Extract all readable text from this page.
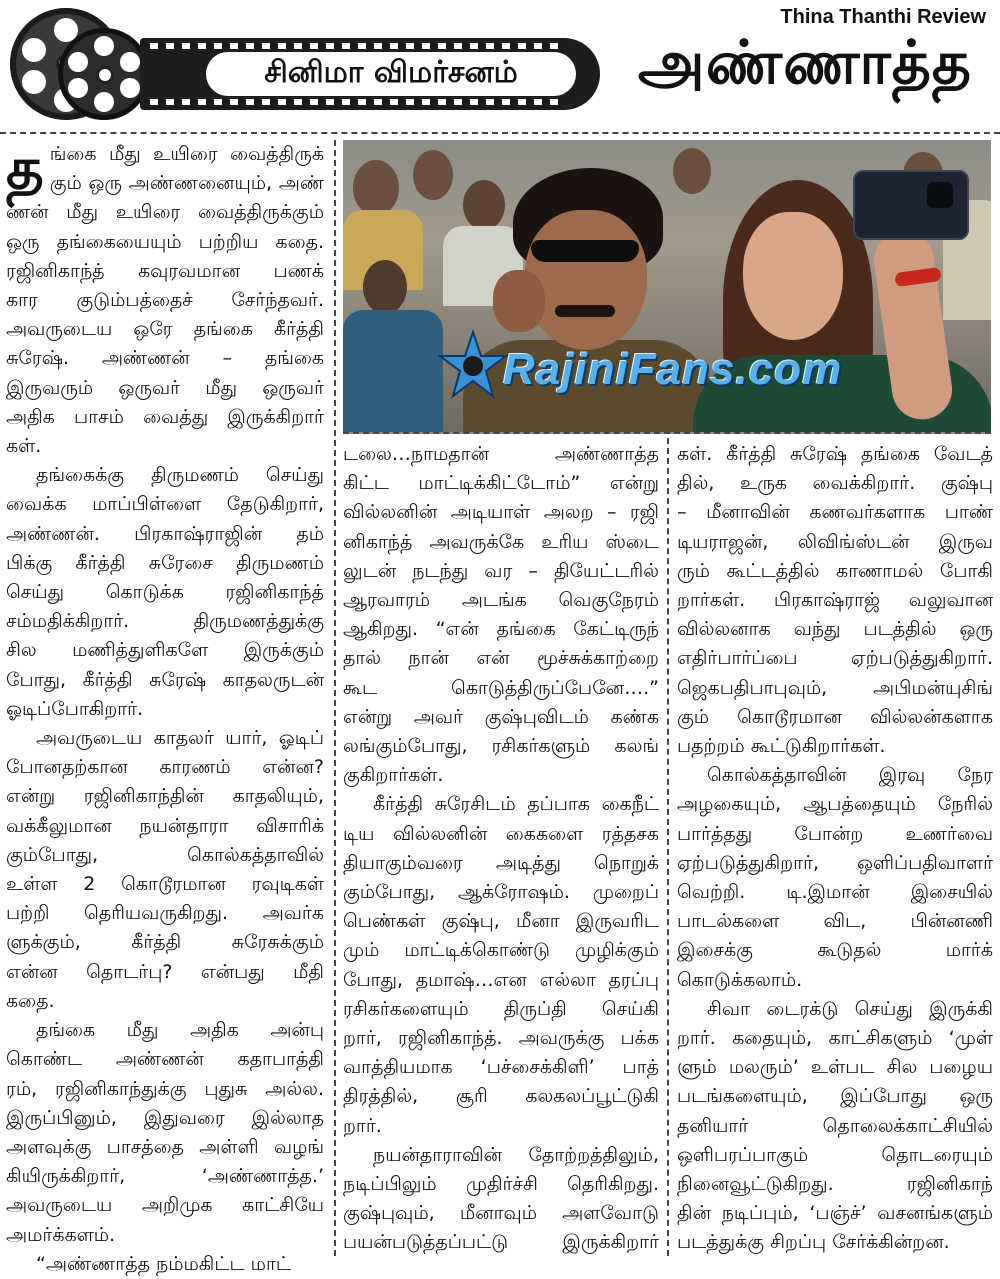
Thina Thanthi Review
சினிமா விமர்சனம்	அண்ணாத்த
RajiniFans.com
த ங்கை மீது உயிரை வைத்திருக்
கும் ஒரு அண்ணனையும், அண்
ணன் மீது உயிரை வைத்திருக்கும்
ஒரு தங்கையையும் பற்றிய கதை.
ரஜினிகாந்த் கவுரவமான பணக்
கார குடும்பத்தைச் சேர்ந்தவர்.
அவருடைய ஒரே தங்கை கீர்த்தி
சுரேஷ். அண்ணன் – தங்கை
இருவரும் ஒருவர் மீது ஒருவர்
அதிக பாசம் வைத்து இருக்கிறார்
கள்.
தங்கைக்கு திருமணம் செய்து
வைக்க மாப்பிள்ளை தேடுகிறார்,
அண்ணன். பிரகாஷ்ராஜின் தம்
பிக்கு கீர்த்தி சுரேசை திருமணம்
செய்து கொடுக்க ரஜினிகாந்த்
சம்மதிக்கிறார். திருமணத்துக்கு
சில மணித்துளிகளே இருக்கும்
போது, கீர்த்தி சுரேஷ் காதலருடன்
ஓடிப்போகிறார்.
அவருடைய காதலர் யார், ஓடிப்
போனதற்கான காரணம் என்ன?
என்று ரஜினிகாந்தின் காதலியும்,
வக்கீலுமான நயன்தாரா விசாரிக்
கும்போது, கொல்கத்தாவில்
உள்ள 2 கொடூரமான ரவுடிகள்
பற்றி தெரியவருகிறது. அவர்க
ளுக்கும், கீர்த்தி சுரேசுக்கும்
என்ன தொடர்பு? என்பது மீதி
கதை.
தங்கை மீது அதிக அன்பு
கொண்ட அண்ணன் கதாபாத்தி
ரம், ரஜினிகாந்துக்கு புதுசு அல்ல.
இருப்பினும், இதுவரை இல்லாத
அளவுக்கு பாசத்தை அள்ளி வழங்
கியிருக்கிறார், ‘அண்ணாத்த.’
அவருடைய அறிமுக காட்சியே
அமர்க்களம்.
“அண்ணாத்த நம்மகிட்ட மாட்
டலை…நாமதான் அண்ணாத்த
கிட்ட மாட்டிக்கிட்டோம்” என்று
வில்லனின் அடியாள் அலற – ரஜி
னிகாந்த் அவருக்கே உரிய ஸ்டை
லுடன் நடந்து வர – தியேட்டரில்
ஆரவாரம் அடங்க வெகுநேரம்
ஆகிறது. “என் தங்கை கேட்டிருந்
தால் நான் என் மூச்சுக்காற்றை
கூட கொடுத்திருப்பேனே….”
என்று அவர் குஷ்புவிடம் கண்க
லங்கும்போது, ரசிகர்களும் கலங்
குகிறார்கள்.
கீர்த்தி சுரேசிடம் தப்பாக கைநீட்
டிய வில்லனின் கைகளை ரத்தசக
தியாகும்வரை அடித்து நொறுக்
கும்போது, ஆக்ரோஷம். முறைப்
பெண்கள் குஷ்பு, மீனா இருவரிட
மும் மாட்டிக்கொண்டு முழிக்கும்
போது, தமாஷ்…என எல்லா தரப்பு
ரசிகர்களையும் திருப்தி செய்கி
றார், ரஜினிகாந்த். அவருக்கு பக்க
வாத்தியமாக ‘பச்சைக்கிளி’ பாத்
திரத்தில், சூரி கலகலப்பூட்டுகி
றார்.
நயன்தாராவின் தோற்றத்திலும்,
நடிப்பிலும் முதிர்ச்சி தெரிகிறது.
குஷ்புவும், மீனாவும் அளவோடு
பயன்படுத்தப்பட்டு இருக்கிறார்
கள். கீர்த்தி சுரேஷ் தங்கை வேடத்
தில், உருக வைக்கிறார். குஷ்பு
– மீனாவின் கணவர்களாக பாண்
டியராஜன், லிவிங்ஸ்டன் இருவ
ரும் கூட்டத்தில் காணாமல் போகி
றார்கள். பிரகாஷ்ராஜ் வலுவான
வில்லனாக வந்து படத்தில் ஒரு
எதிர்பார்ப்பை ஏற்படுத்துகிறார்.
ஜெகபதிபாபுவும், அபிமன்யுசிங்
கும் கொடூரமான வில்லன்களாக
பதற்றம் கூட்டுகிறார்கள்.
கொல்கத்தாவின் இரவு நேர
அழகையும், ஆபத்தையும் நேரில்
பார்த்தது போன்ற உணர்வை
ஏற்படுத்துகிறார், ஒளிப்பதிவாளர்
வெற்றி. டி.இமான் இசையில்
பாடல்களை விட, பின்னணி
இசைக்கு கூடுதல் மார்க்
கொடுக்கலாம்.
சிவா டைரக்டு செய்து இருக்கி
றார். கதையும், காட்சிகளும் ‘முள்
ளும் மலரும்’ உள்பட சில பழைய
படங்களையும், இப்போது ஒரு
தனியார் தொலைக்காட்சியில்
ஒளிபரப்பாகும் தொடரையும்
நினைவூட்டுகிறது. ரஜினிகாந்
தின் நடிப்பும், ‘பஞ்ச்’ வசனங்களும்
படத்துக்கு சிறப்பு சேர்க்கின்றன.
